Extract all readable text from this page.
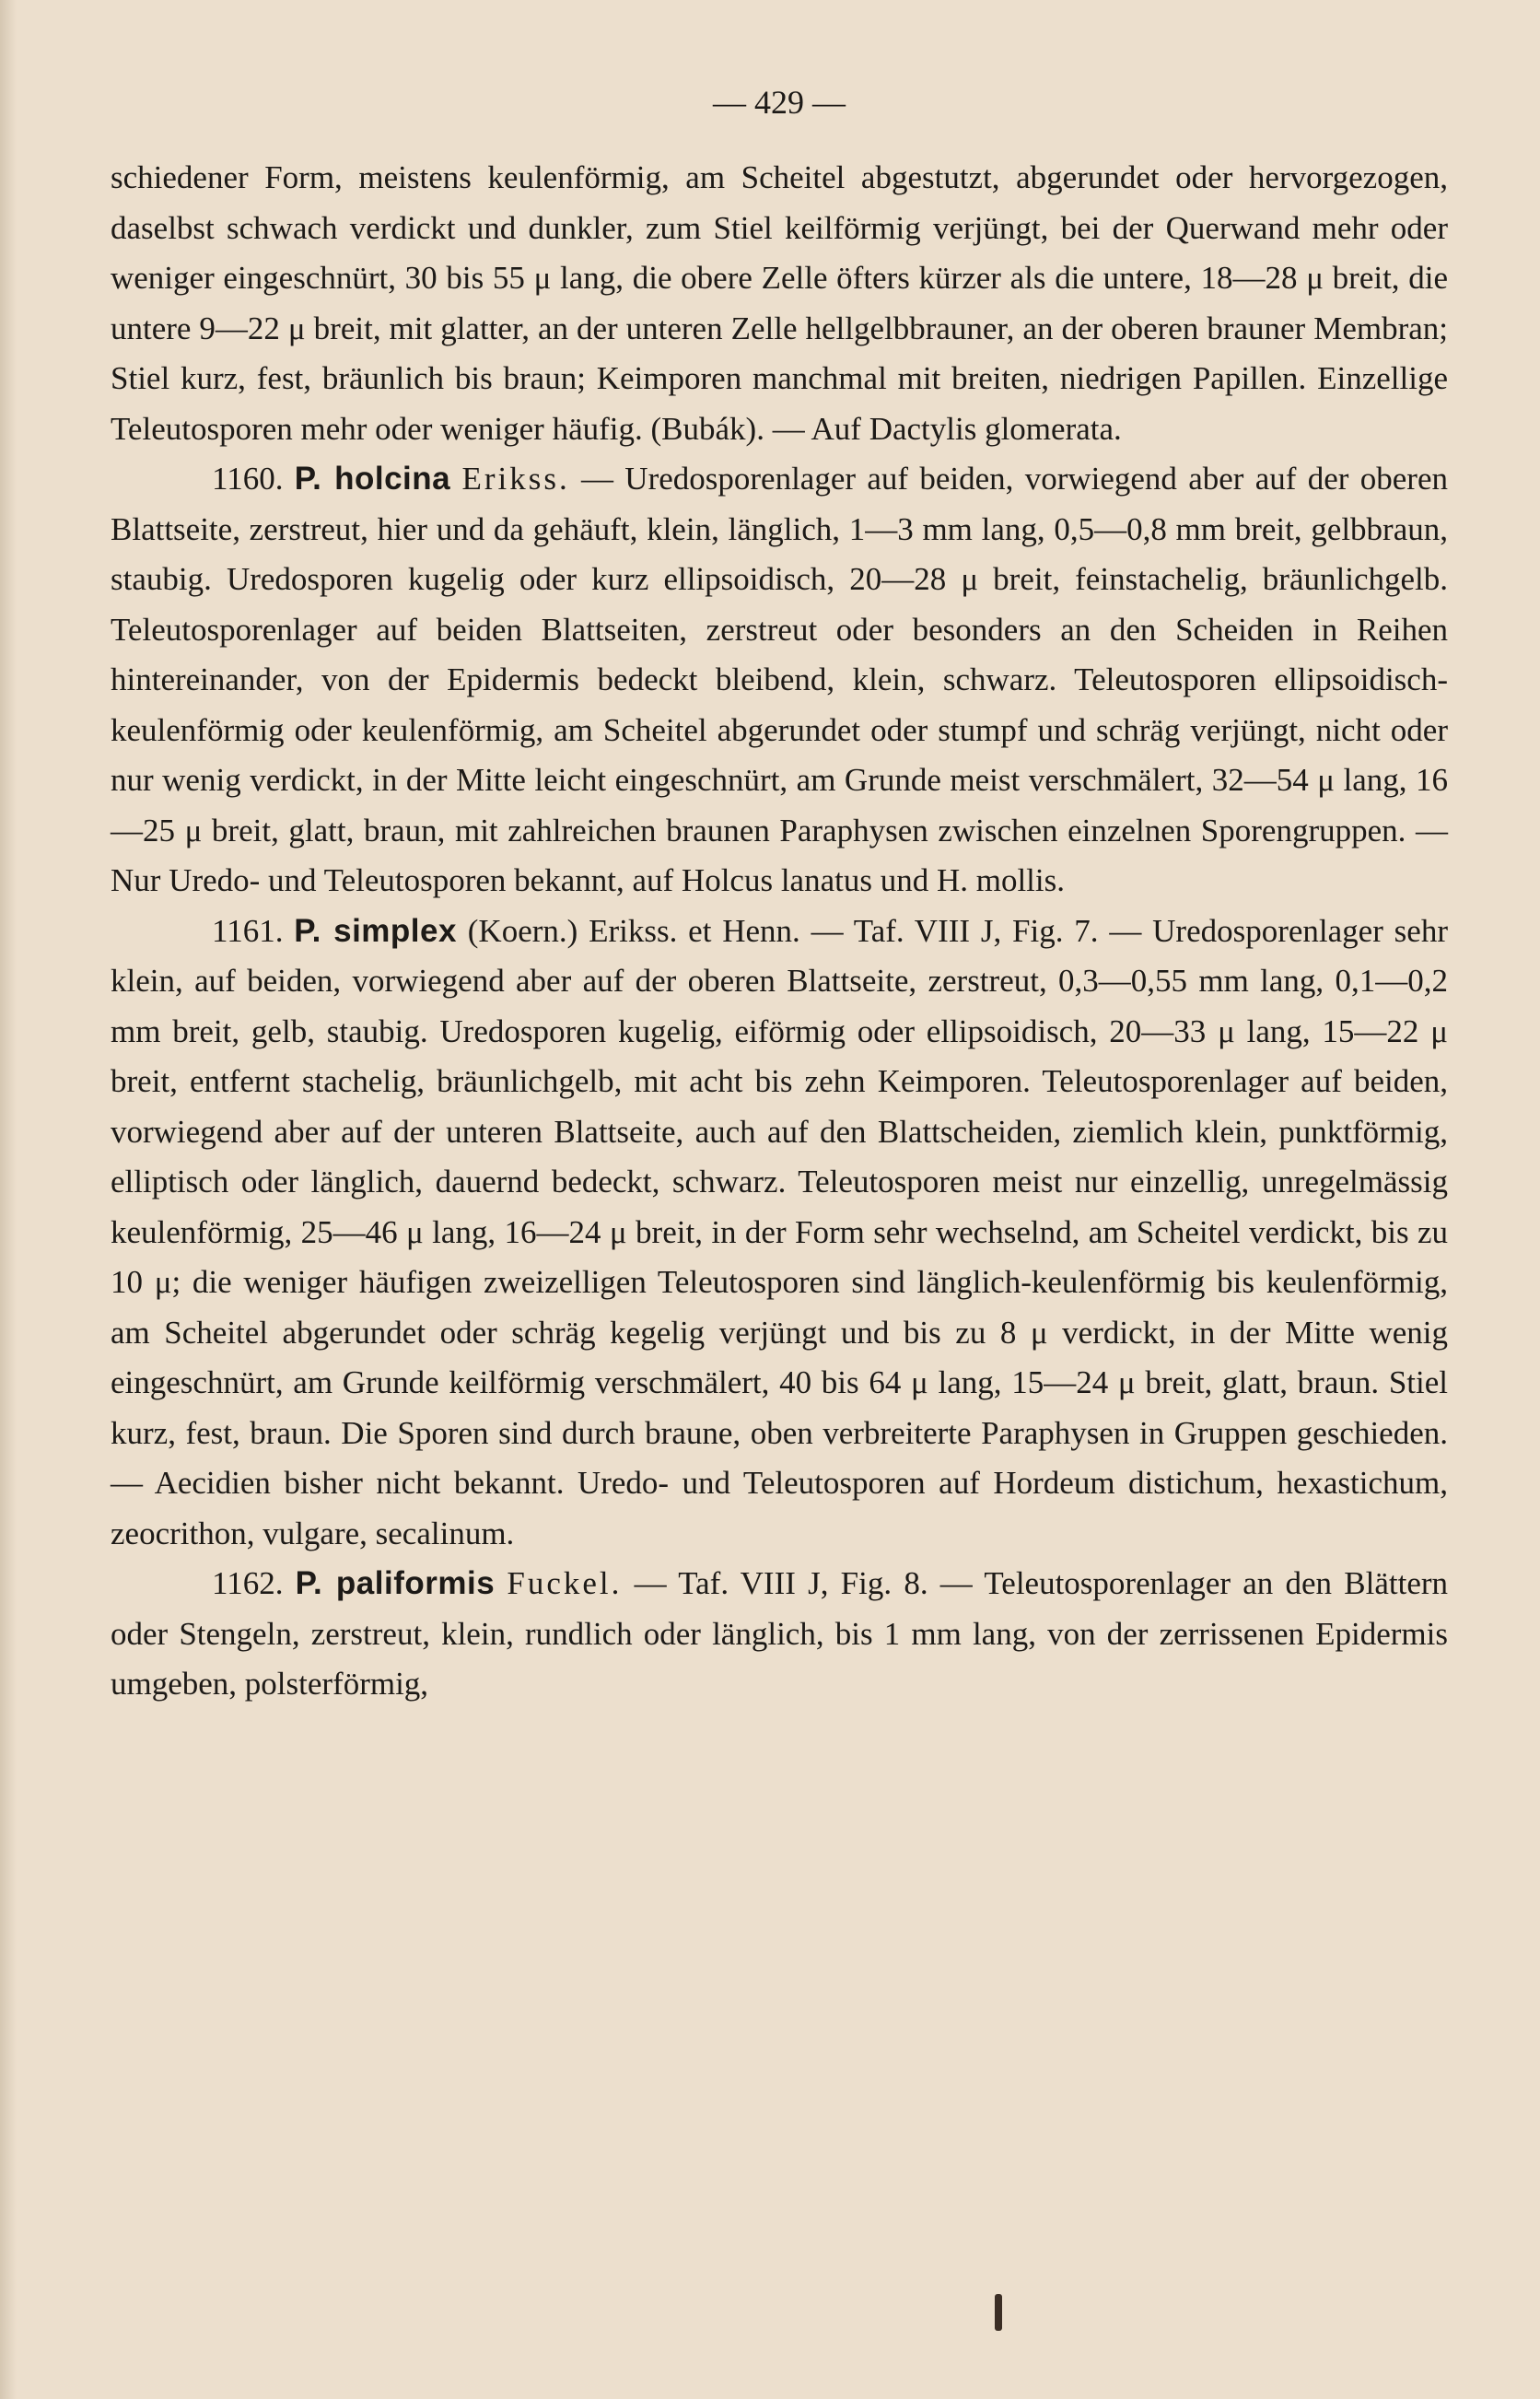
— 429 —

schiedener Form, meistens keulenförmig, am Scheitel abgestutzt, abgerundet oder hervorgezogen, daselbst schwach verdickt und dunkler, zum Stiel keilförmig verjüngt, bei der Querwand mehr oder weniger eingeschnürt, 30 bis 55 μ lang, die obere Zelle öfters kürzer als die untere, 18—28 μ breit, die untere 9—22 μ breit, mit glatter, an der unteren Zelle hellgelbbrauner, an der oberen brauner Membran; Stiel kurz, fest, bräunlich bis braun; Keimporen manchmal mit breiten, niedrigen Papillen. Einzellige Teleutosporen mehr oder weniger häufig. (Bubák). — Auf Dactylis glomerata.

1160. P. holcina Erikss. — Uredosporenlager auf beiden, vorwiegend aber auf der oberen Blattseite, zerstreut, hier und da gehäuft, klein, länglich, 1—3 mm lang, 0,5—0,8 mm breit, gelbbraun, staubig. Uredosporen kugelig oder kurz ellipsoidisch, 20—28 μ breit, feinstachelig, bräunlichgelb. Teleutosporenlager auf beiden Blattseiten, zerstreut oder besonders an den Scheiden in Reihen hintereinander, von der Epidermis bedeckt bleibend, klein, schwarz. Teleutosporen ellipsoidisch-keulenförmig oder keulenförmig, am Scheitel abgerundet oder stumpf und schräg verjüngt, nicht oder nur wenig verdickt, in der Mitte leicht eingeschnürt, am Grunde meist verschmälert, 32—54 μ lang, 16—25 μ breit, glatt, braun, mit zahlreichen braunen Paraphysen zwischen einzelnen Sporengruppen. — Nur Uredo- und Teleutosporen bekannt, auf Holcus lanatus und H. mollis.

1161. P. simplex (Koern.) Erikss. et Henn. — Taf. VIII J, Fig. 7. — Uredosporenlager sehr klein, auf beiden, vorwiegend aber auf der oberen Blattseite, zerstreut, 0,3—0,55 mm lang, 0,1—0,2 mm breit, gelb, staubig. Uredosporen kugelig, eiförmig oder ellipsoidisch, 20—33 μ lang, 15—22 μ breit, entfernt stachelig, bräunlichgelb, mit acht bis zehn Keimporen. Teleutosporenlager auf beiden, vorwiegend aber auf der unteren Blattseite, auch auf den Blattscheiden, ziemlich klein, punktförmig, elliptisch oder länglich, dauernd bedeckt, schwarz. Teleutosporen meist nur einzellig, unregelmässig keulenförmig, 25—46 μ lang, 16—24 μ breit, in der Form sehr wechselnd, am Scheitel verdickt, bis zu 10 μ; die weniger häufigen zweizelligen Teleutosporen sind länglich-keulenförmig bis keulenförmig, am Scheitel abgerundet oder schräg kegelig verjüngt und bis zu 8 μ verdickt, in der Mitte wenig eingeschnürt, am Grunde keilförmig verschmälert, 40 bis 64 μ lang, 15—24 μ breit, glatt, braun. Stiel kurz, fest, braun. Die Sporen sind durch braune, oben verbreiterte Paraphysen in Gruppen geschieden. — Aecidien bisher nicht bekannt. Uredo- und Teleutosporen auf Hordeum distichum, hexastichum, zeocrithon, vulgare, secalinum.

1162. P. paliformis Fuckel. — Taf. VIII J, Fig. 8. — Teleutosporenlager an den Blättern oder Stengeln, zerstreut, klein, rundlich oder länglich, bis 1 mm lang, von der zerrissenen Epidermis umgeben, polsterförmig,
